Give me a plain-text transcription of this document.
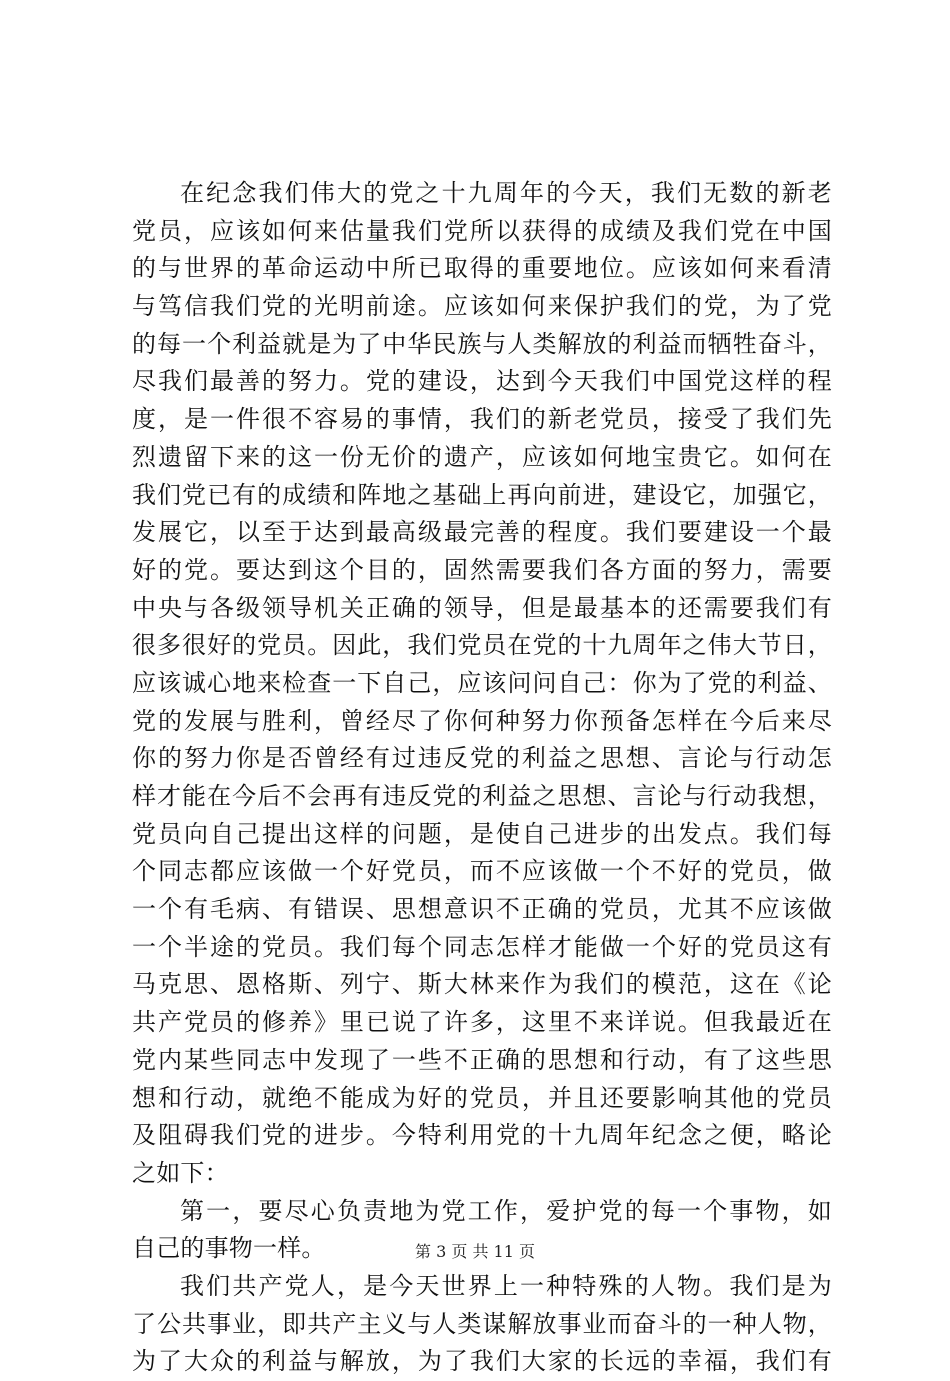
在纪念我们伟大的党之十九周年的今天，我们无数的新老
党员，应该如何来估量我们党所以获得的成绩及我们党在中国
的与世界的革命运动中所已取得的重要地位。应该如何来看清
与笃信我们党的光明前途。应该如何来保护我们的党，为了党
的每一个利益就是为了中华民族与人类解放的利益而牺牲奋斗，
尽我们最善的努力。党的建设，达到今天我们中国党这样的程
度，是一件很不容易的事情，我们的新老党员，接受了我们先
烈遗留下来的这一份无价的遗产，应该如何地宝贵它。如何在
我们党已有的成绩和阵地之基础上再向前进，建设它，加强它，
发展它，以至于达到最高级最完善的程度。我们要建设一个最
好的党。要达到这个目的，固然需要我们各方面的努力，需要
中央与各级领导机关正确的领导，但是最基本的还需要我们有
很多很好的党员。因此，我们党员在党的十九周年之伟大节日，
应该诚心地来检查一下自己，应该问问自己：你为了党的利益、
党的发展与胜利，曾经尽了你何种努力你预备怎样在今后来尽
你的努力你是否曾经有过违反党的利益之思想、言论与行动怎
样才能在今后不会再有违反党的利益之思想、言论与行动我想，
党员向自己提出这样的问题，是使自己进步的出发点。我们每
个同志都应该做一个好党员，而不应该做一个不好的党员，做
一个有毛病、有错误、思想意识不正确的党员，尤其不应该做
一个半途的党员。我们每个同志怎样才能做一个好的党员这有
马克思、恩格斯、列宁、斯大林来作为我们的模范，这在《论
共产党员的修养》里已说了许多，这里不来详说。但我最近在
党内某些同志中发现了一些不正确的思想和行动，有了这些思
想和行动，就绝不能成为好的党员，并且还要影响其他的党员
及阻碍我们党的进步。今特利用党的十九周年纪念之便，略论
之如下：
第一，要尽心负责地为党工作，爱护党的每一个事物，如
自己的事物一样。
我们共产党人，是今天世界上一种特殊的人物。我们是为
了公共事业，即共产主义与人类谋解放事业而奋斗的一种人物，
为了大众的利益与解放，为了我们大家的长远的幸福，我们有
第 3 页 共 11 页
